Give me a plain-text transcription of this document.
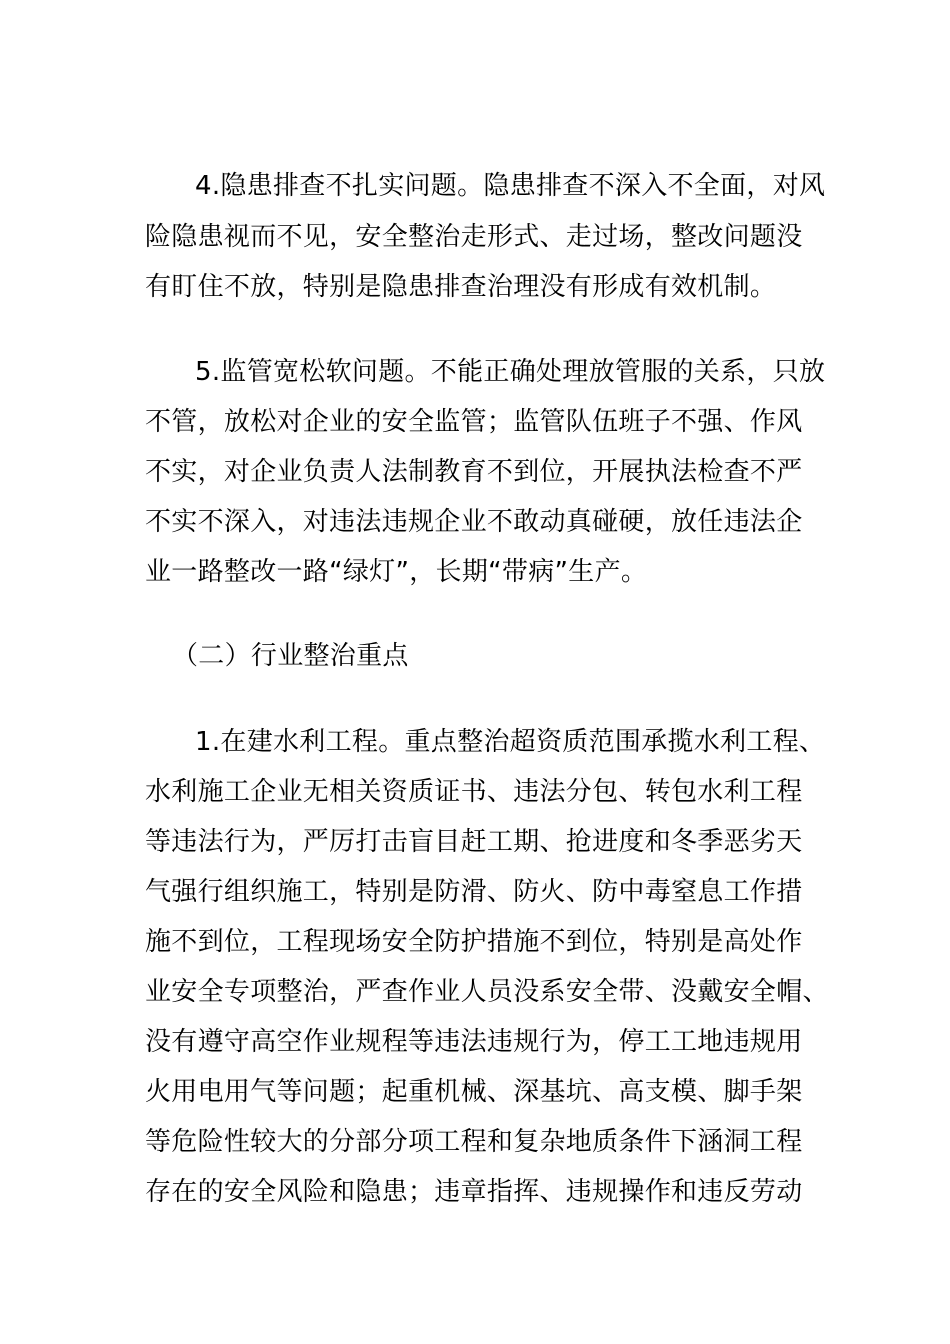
4.隐患排查不扎实问题。隐患排查不深入不全面，对风
险隐患视而不见，安全整治走形式、走过场，整改问题没
有盯住不放，特别是隐患排查治理没有形成有效机制。
5.监管宽松软问题。不能正确处理放管服的关系，只放
不管，放松对企业的安全监管；监管队伍班子不强、作风
不实，对企业负责人法制教育不到位，开展执法检查不严
不实不深入，对违法违规企业不敢动真碰硬，放任违法企
业一路整改一路“绿灯”，长期“带病”生产。
（二）行业整治重点
1.在建水利工程。重点整治超资质范围承揽水利工程、
水利施工企业无相关资质证书、违法分包、转包水利工程
等违法行为，严厉打击盲目赶工期、抢进度和冬季恶劣天
气强行组织施工，特别是防滑、防火、防中毒窒息工作措
施不到位，工程现场安全防护措施不到位，特别是高处作
业安全专项整治，严查作业人员没系安全带、没戴安全帽、
没有遵守高空作业规程等违法违规行为，停工工地违规用
火用电用气等问题；起重机械、深基坑、高支模、脚手架
等危险性较大的分部分项工程和复杂地质条件下涵洞工程
存在的安全风险和隐患；违章指挥、违规操作和违反劳动
